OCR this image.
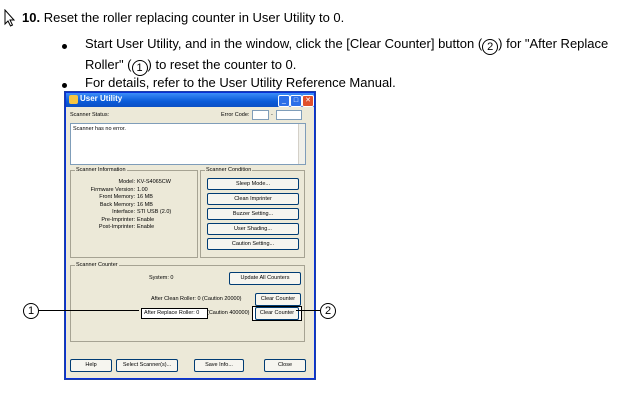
10. Reset the roller replacing counter in User Utility to 0.
Start User Utility, and in the window, click the [Clear Counter] button ( 2 ) for "After Replace
Roller" ( 1 ) to reset the counter to 0.
For details, refer to the User Utility Reference Manual.
User Utility	_	□ ✕
Scanner Status:	Error Code:	-
Scanner has no error.
Scanner Information
Model: KV-S4065CW
Firmware Version: 1.00
Front Memory: 16 MB
Back Memory: 16 MB
Interface: STI USB (2.0)
Pre-Imprinter: Enable
Post-Imprinter: Enable
Scanner Condition
Sleep Mode...
Clean Imprinter
Buzzer Setting...
User Shading...
Caution Setting...
Scanner Counter
System: 0	Update All Counters
After Clean Roller: 0 (Caution 20000)	Clear Counter
After Replace Roller: 0 (Caution 400000)	Clear Counter
Help	Select Scanner(s)...	Save Info...	Close
1	2
